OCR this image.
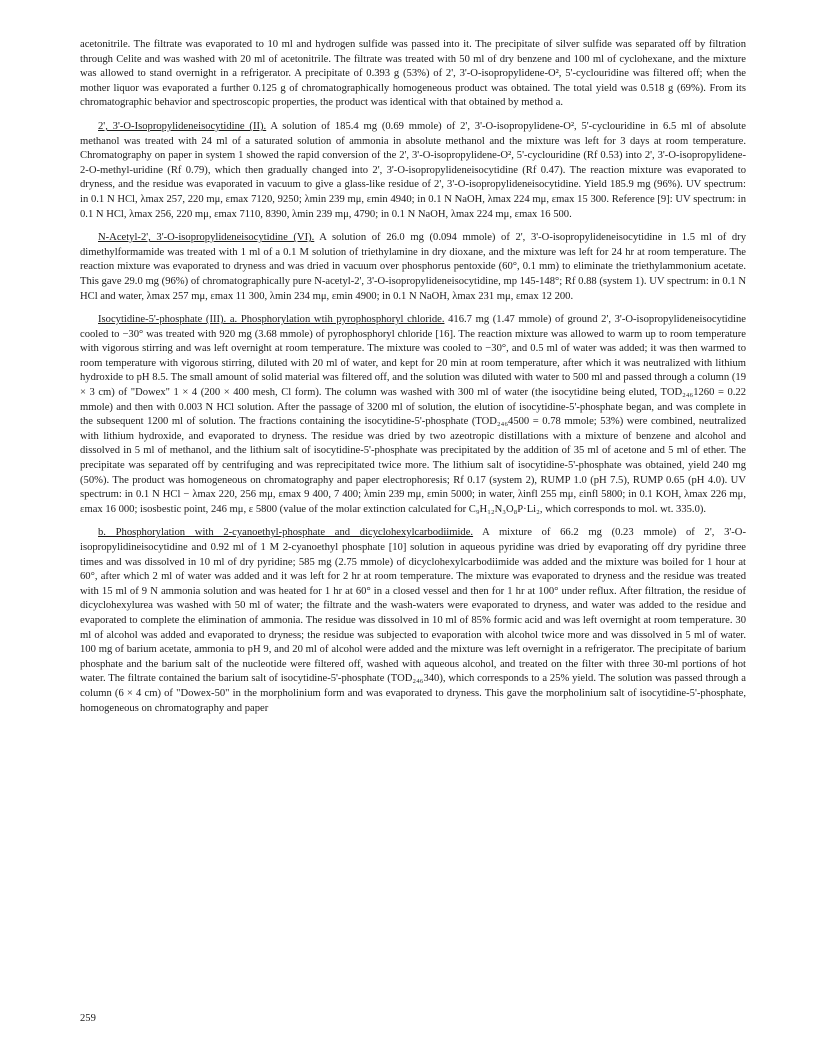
acetonitrile. The filtrate was evaporated to 10 ml and hydrogen sulfide was passed into it. The precipitate of silver sulfide was separated off by filtration through Celite and was washed with 20 ml of acetonitrile. The filtrate was treated with 50 ml of dry benzene and 100 ml of cyclohexane, and the mixture was allowed to stand overnight in a refrigerator. A precipitate of 0.393 g (53%) of 2', 3'-O-isopropylidene-O², 5'-cyclouridine was filtered off; when the mother liquor was evaporated a further 0.125 g of chromatographically homogeneous product was obtained. The total yield was 0.518 g (69%). From its chromatographic behavior and spectroscopic properties, the product was identical with that obtained by method a.

2', 3'-O-Isopropylideneisocytidine (II). A solution of 185.4 mg (0.69 mmole) of 2', 3'-O-isopropylidene-O², 5'-cyclouridine in 6.5 ml of absolute methanol was treated with 24 ml of a saturated solution of ammonia in absolute methanol and the mixture was left for 3 days at room temperature. Chromatography on paper in system 1 showed the rapid conversion of the 2', 3'-O-isopropylidene-O², 5'-cyclouridine (Rf 0.53) into 2', 3'-O-isopropylidene-2-O-methyl-uridine (Rf 0.79), which then gradually changed into 2', 3'-O-isopropylideneisocytidine (Rf 0.47). The reaction mixture was evaporated to dryness, and the residue was evaporated in vacuum to give a glass-like residue of 2', 3'-O-isopropylideneisocytidine. Yield 185.9 mg (96%). UV spectrum: in 0.1 N HCl, λmax 257, 220 mμ, εmax 7120, 9250; λmin 239 mμ, εmin 4940; in 0.1 N NaOH, λmax 224 mμ, εmax 15 300. Reference [9]: UV spectrum: in 0.1 N HCl, λmax 256, 220 mμ, εmax 7110, 8390, λmin 239 mμ, 4790; in 0.1 N NaOH, λmax 224 mμ, εmax 16 500.

N-Acetyl-2', 3'-O-isopropylideneisocytidine (VI). A solution of 26.0 mg (0.094 mmole) of 2', 3'-O-isopropylideneisocytidine in 1.5 ml of dry dimethylformamide was treated with 1 ml of a 0.1 M solution of triethylamine in dry dioxane, and the mixture was left for 24 hr at room temperature. The reaction mixture was evaporated to dryness and was dried in vacuum over phosphorus pentoxide (60°, 0.1 mm) to eliminate the triethylammonium acetate. This gave 29.0 mg (96%) of chromatographically pure N-acetyl-2', 3'-O-isopropylideneisocytidine, mp 145-148°; Rf 0.88 (system 1). UV spectrum: in 0.1 N HCl and water, λmax 257 mμ, εmax 11 300, λmin 234 mμ, εmin 4900; in 0.1 N NaOH, λmax 231 mμ, εmax 12 200.

Isocytidine-5'-phosphate (III). a. Phosphorylation wtih pyrophosphoryl chloride. 416.7 mg (1.47 mmole) of ground 2', 3'-O-isopropylideneisocytidine cooled to −30° was treated with 920 mg (3.68 mmole) of pyrophosphoryl chloride [16]. The reaction mixture was allowed to warm up to room temperature with vigorous stirring and was left overnight at room temperature. The mixture was cooled to −30°, and 0.5 ml of water was added; it was then warmed to room temperature with vigorous stirring, diluted with 20 ml of water, and kept for 20 min at room temperature, after which it was neutralized with lithium hydroxide to pH 8.5. The small amount of solid material was filtered off, and the solution was diluted with water to 500 ml and passed through a column (19 × 3 cm) of "Dowex" 1 × 4 (200 × 400 mesh, Cl form). The column was washed with 300 ml of water (the isocytidine being eluted, TOD₂₄₆1260 = 0.22 mmole) and then with 0.003 N HCl solution. After the passage of 3200 ml of solution, the elution of isocytidine-5'-phosphate began, and was complete in the subsequent 1200 ml of solution. The fractions containing the isocytidine-5'-phosphate (TOD₂₄₆4500 = 0.78 mmole; 53%) were combined, neutralized with lithium hydroxide, and evaporated to dryness. The residue was dried by two azeotropic distillations with a mixture of benzene and alcohol and dissolved in 5 ml of methanol, and the lithium salt of isocytidine-5'-phosphate was precipitated by the addition of 35 ml of acetone and 5 ml of ether. The precipitate was separated off by centrifuging and was reprecipitated twice more. The lithium salt of isocytidine-5'-phosphate was obtained, yield 240 mg (50%). The product was homogeneous on chromatography and paper electrophoresis; Rf 0.17 (system 2), RUMP 1.0 (pH 7.5), RUMP 0.65 (pH 4.0). UV spectrum: in 0.1 N HCl − λmax 220, 256 mμ, εmax 9 400, 7 400; λmin 239 mμ, εmin 5000; in water, λinfl 255 mμ, εinfl 5800; in 0.1 KOH, λmax 226 mμ, εmax 16 000; isosbestic point, 246 mμ, ε 5800 (value of the molar extinction calculated for C₉H₁₂N₃O₈P·Li₂, which corresponds to mol. wt. 335.0).

b. Phosphorylation with 2-cyanoethyl-phosphate and dicyclohexylcarbodiimide. A mixture of 66.2 mg (0.23 mmole) of 2', 3'-O-isopropylidineisocytidine and 0.92 ml of 1 M 2-cyanoethyl phosphate [10] solution in aqueous pyridine was dried by evaporating off dry pyridine three times and was dissolved in 10 ml of dry pyridine; 585 mg (2.75 mmole) of dicyclohexylcarbodiimide was added and the mixture was boiled for 1 hour at 60°, after which 2 ml of water was added and it was left for 2 hr at room temperature. The mixture was evaporated to dryness and the residue was treated with 15 ml of 9 N ammonia solution and was heated for 1 hr at 60° in a closed vessel and then for 1 hr at 100° under reflux. After filtration, the residue of dicyclohexylurea was washed with 50 ml of water; the filtrate and the wash-waters were evaporated to dryness, and water was added to the residue and evaporated to complete the elimination of ammonia. The residue was dissolved in 10 ml of 85% formic acid and was left overnight at room temperature. 30 ml of alcohol was added and evaporated to dryness; the residue was subjected to evaporation with alcohol twice more and was dissolved in 5 ml of water. 100 mg of barium acetate, ammonia to pH 9, and 20 ml of alcohol were added and the mixture was left overnight in a refrigerator. The precipitate of barium phosphate and the barium salt of the nucleotide were filtered off, washed with aqueous alcohol, and treated on the filter with three 30-ml portions of hot water. The filtrate contained the barium salt of isocytidine-5'-phosphate (TOD₂₄₆340), which corresponds to a 25% yield. The solution was passed through a column (6 × 4 cm) of "Dowex-50" in the morpholinium form and was evaporated to dryness. This gave the morpholinium salt of isocytidine-5'-phosphate, homogeneous on chromatography and paper

259
